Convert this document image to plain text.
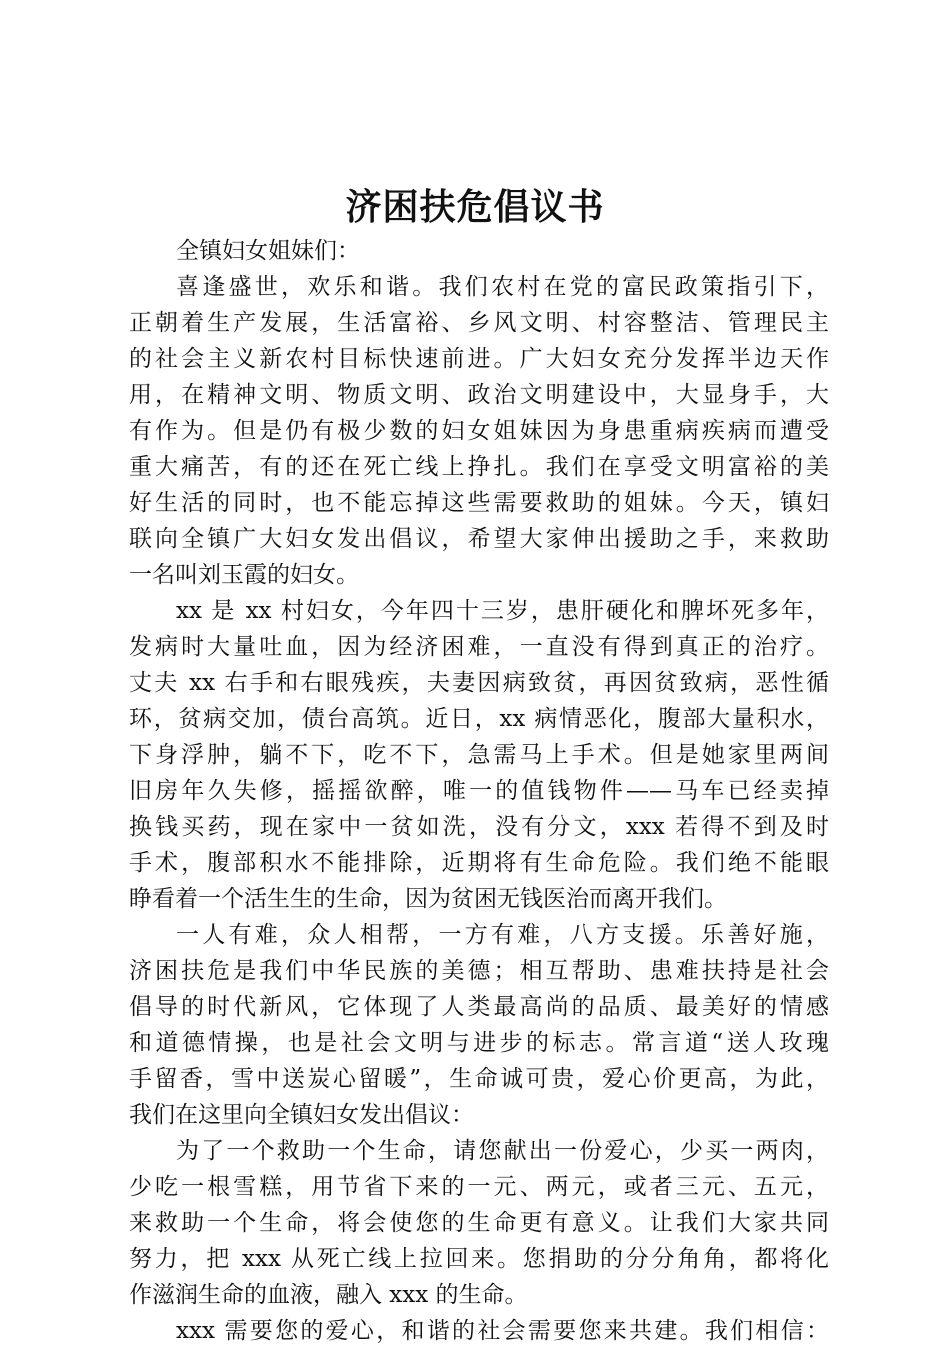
济困扶危倡议书
全镇妇女姐妹们：
喜逢盛世，欢乐和谐。我们农村在党的富民政策指引下，
正朝着生产发展，生活富裕、乡风文明、村容整洁、管理民主
的社会主义新农村目标快速前进。广大妇女充分发挥半边天作
用，在精神文明、物质文明、政治文明建设中，大显身手，大
有作为。但是仍有极少数的妇女姐妹因为身患重病疾病而遭受
重大痛苦，有的还在死亡线上挣扎。我们在享受文明富裕的美
好生活的同时，也不能忘掉这些需要救助的姐妹。今天，镇妇
联向全镇广大妇女发出倡议，希望大家伸出援助之手，来救助
一名叫刘玉霞的妇女。
xx 是 xx 村妇女，今年四十三岁，患肝硬化和脾坏死多年，
发病时大量吐血，因为经济困难，一直没有得到真正的治疗。
丈夫 xx 右手和右眼残疾，夫妻因病致贫，再因贫致病，恶性循
环，贫病交加，债台高筑。近日，xx 病情恶化，腹部大量积水，
下身浮肿，躺不下，吃不下，急需马上手术。但是她家里两间
旧房年久失修，摇摇欲醉，唯一的值钱物件——马车已经卖掉
换钱买药，现在家中一贫如洗，没有分文，xxx 若得不到及时
手术，腹部积水不能排除，近期将有生命危险。我们绝不能眼
睁看着一个活生生的生命，因为贫困无钱医治而离开我们。
一人有难，众人相帮，一方有难，八方支援。乐善好施，
济困扶危是我们中华民族的美德；相互帮助、患难扶持是社会
倡导的时代新风，它体现了人类最高尚的品质、最美好的情感
和道德情操，也是社会文明与进步的标志。常言道“送人玫瑰
手留香，雪中送炭心留暖”，生命诚可贵，爱心价更高，为此，
我们在这里向全镇妇女发出倡议：
为了一个救助一个生命，请您献出一份爱心，少买一两肉，
少吃一根雪糕，用节省下来的一元、两元，或者三元、五元，
来救助一个生命，将会使您的生命更有意义。让我们大家共同
努力，把 xxx 从死亡线上拉回来。您捐助的分分角角，都将化
作滋润生命的血液，融入 xxx 的生命。
xxx 需要您的爱心，和谐的社会需要您来共建。我们相信：
